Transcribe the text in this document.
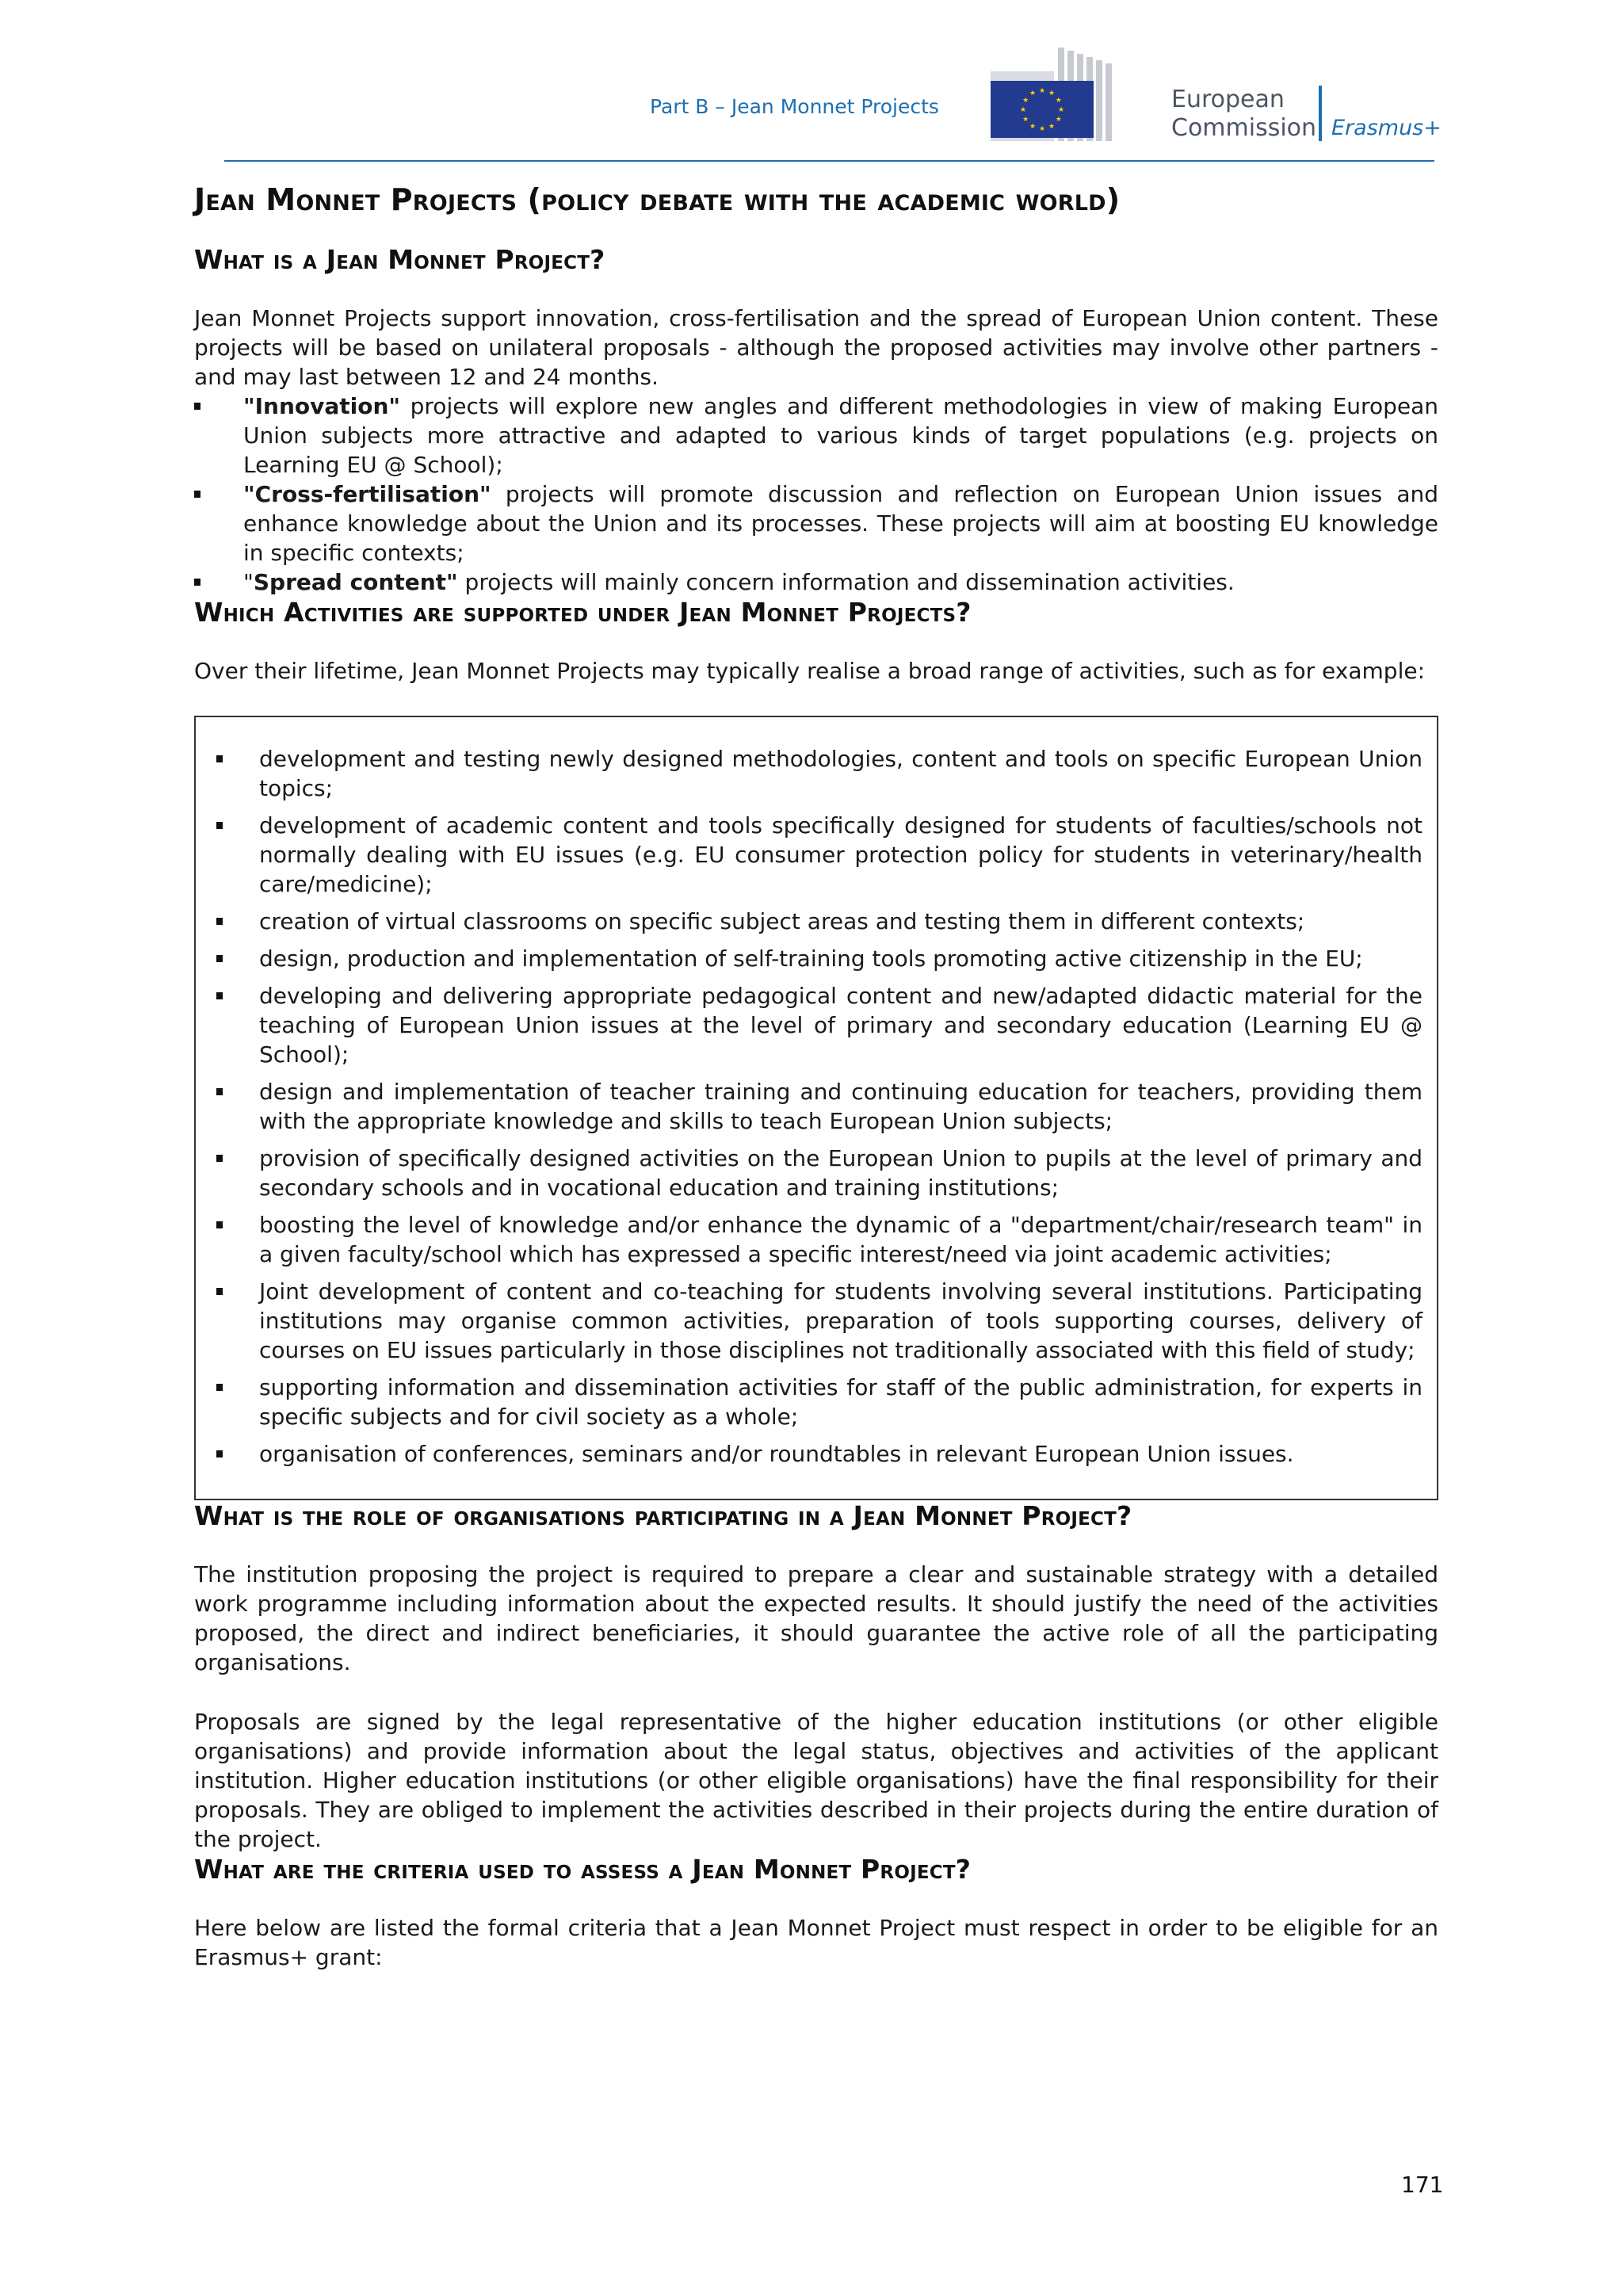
Part B – Jean Monnet Projects
★ ★
★
★
★
★
★
★
★
★
★
★	European
Commission Erasmus+
Jean Monnet Projects (policy debate with the academic world)
What is a Jean Monnet Project?

Jean Monnet Projects support innovation, cross-fertilisation and the spread of European Union content. These projects will be based on unilateral proposals - although the proposed activities may involve other partners - and may last between 12 and 24 months.

"Innovation" projects will explore new angles and different methodologies in view of making European Union subjects more attractive and adapted to various kinds of target populations (e.g. projects on Learning EU @ School);
"Cross-fertilisation" projects will promote discussion and reflection on European Union issues and enhance knowledge about the Union and its processes. These projects will aim at boosting EU knowledge in specific contexts;
"Spread content" projects will mainly concern information and dissemination activities.
Which Activities are supported under Jean Monnet Projects?

Over their lifetime, Jean Monnet Projects may typically realise a broad range of activities, such as for example:

development and testing newly designed methodologies, content and tools on specific European Union topics;
development of academic content and tools specifically designed for students of faculties/schools not normally dealing with EU issues (e.g. EU consumer protection policy for students in veterinary/health care/medicine);
creation of virtual classrooms on specific subject areas and testing them in different contexts;
design, production and implementation of self-training tools promoting active citizenship in the EU;
developing and delivering appropriate pedagogical content and new/adapted didactic material for the teaching of European Union issues at the level of primary and secondary education (Learning EU @ School);
design and implementation of teacher training and continuing education for teachers, providing them with the appropriate knowledge and skills to teach European Union subjects;
provision of specifically designed activities on the European Union to pupils at the level of primary and secondary schools and in vocational education and training institutions;
boosting the level of knowledge and/or enhance the dynamic of a "department/chair/research team" in a given faculty/school which has expressed a specific interest/need via joint academic activities;
Joint development of content and co-teaching for students involving several institutions. Participating institutions may organise common activities, preparation of tools supporting courses, delivery of courses on EU issues particularly in those disciplines not traditionally associated with this field of study;
supporting information and dissemination activities for staff of the public administration, for experts in specific subjects and for civil society as a whole;
organisation of conferences, seminars and/or roundtables in relevant European Union issues.
What is the role of organisations participating in a Jean Monnet Project?

The institution proposing the project is required to prepare a clear and sustainable strategy with a detailed work programme including information about the expected results. It should justify the need of the activities proposed, the direct and indirect beneficiaries, it should guarantee the active role of all the participating organisations.

Proposals are signed by the legal representative of the higher education institutions (or other eligible organisations) and provide information about the legal status, objectives and activities of the applicant institution. Higher education institutions (or other eligible organisations) have the final responsibility for their proposals. They are obliged to implement the activities described in their projects during the entire duration of the project.

What are the criteria used to assess a Jean Monnet Project?

Here below are listed the formal criteria that a Jean Monnet Project must respect in order to be eligible for an Erasmus+ grant:

171
